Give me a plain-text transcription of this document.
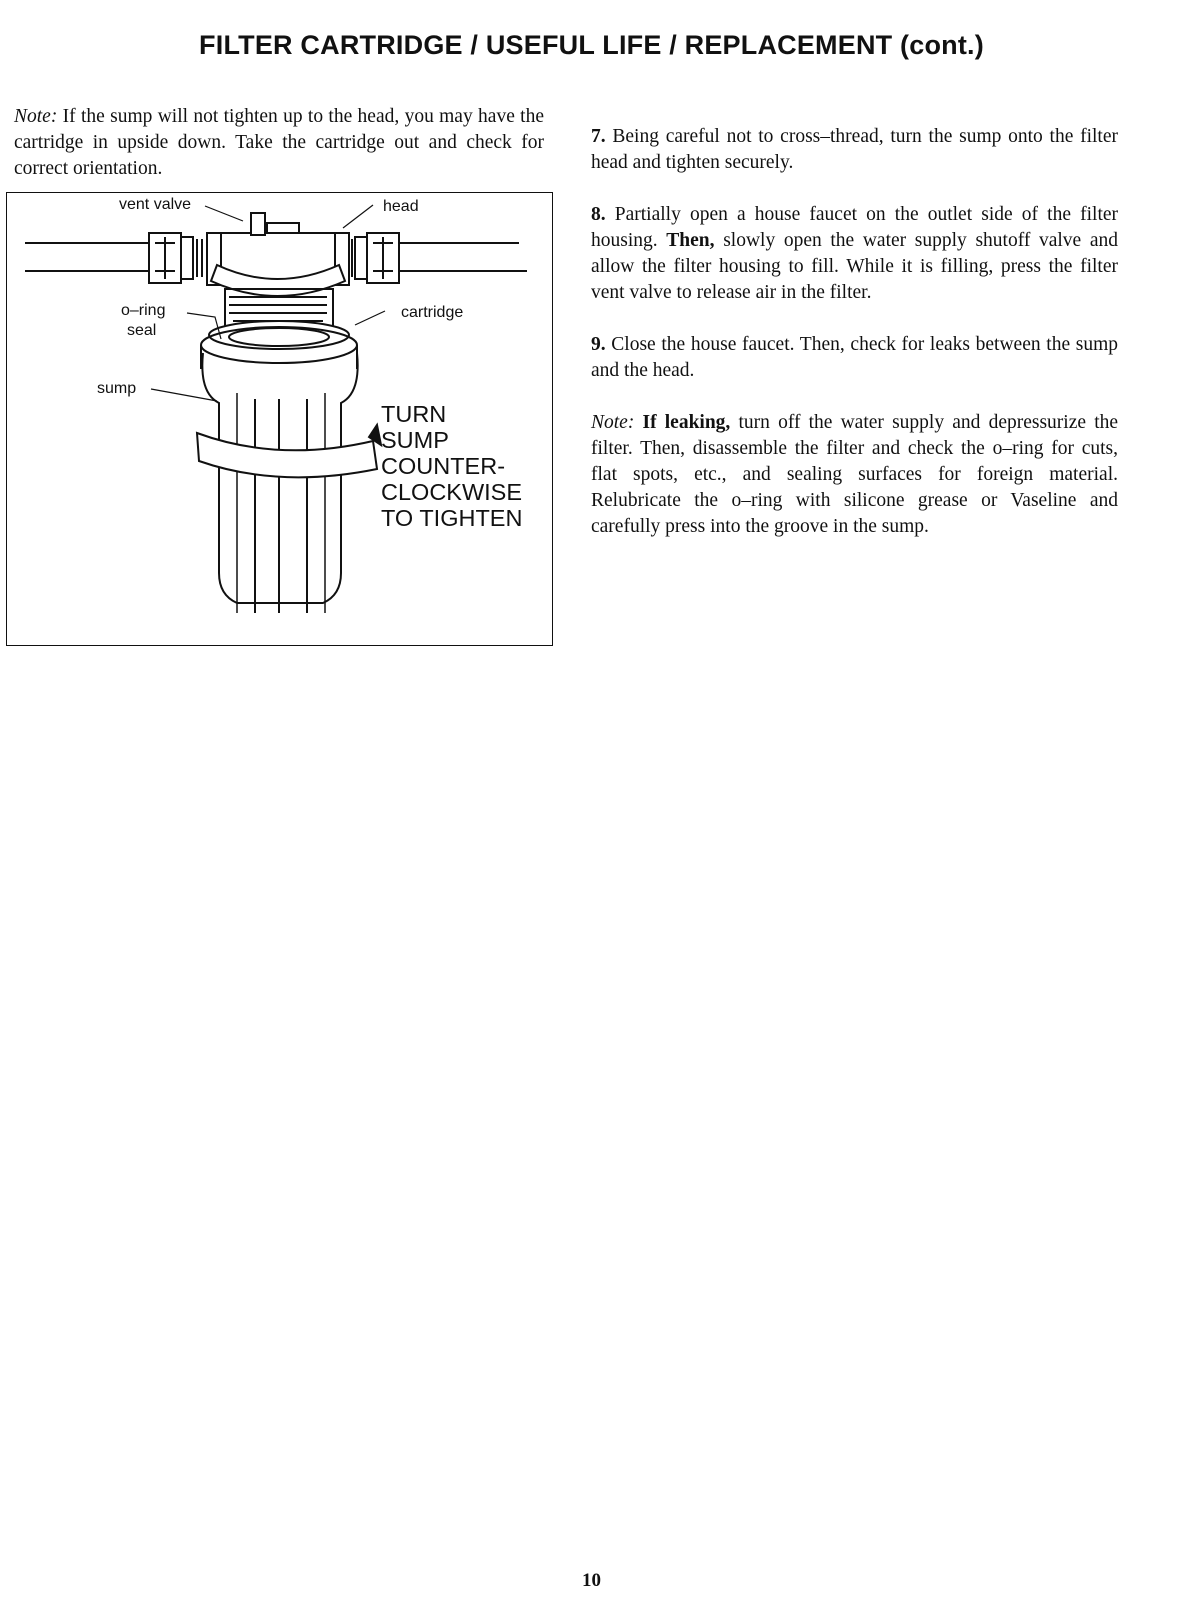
FILTER CARTRIDGE / USEFUL LIFE / REPLACEMENT (cont.)
Note: If the sump will not tighten up to the head, you may have the cartridge in upside down. Take the cartridge out and check for correct orientation.
vent valve	head
o–ring
seal
cartridge
sump
TURN
SUMP
COUNTER-
CLOCKWISE
TO TIGHTEN

7. Being careful not to cross–thread, turn the sump onto the filter head and tighten securely.

8. Partially open a house faucet on the outlet side of the filter housing. Then, slowly open the water supply shutoff valve and allow the filter housing to fill. While it is filling, press the filter vent valve to release air in the filter.

9. Close the house faucet. Then, check for leaks between the sump and the head.

Note: If leaking, turn off the water supply and depressurize the filter. Then, disassemble the filter and check the o–ring for cuts, flat spots, etc., and sealing surfaces for foreign material. Relubricate the o–ring with silicone grease or Vaseline and carefully press into the groove in the sump.

10
